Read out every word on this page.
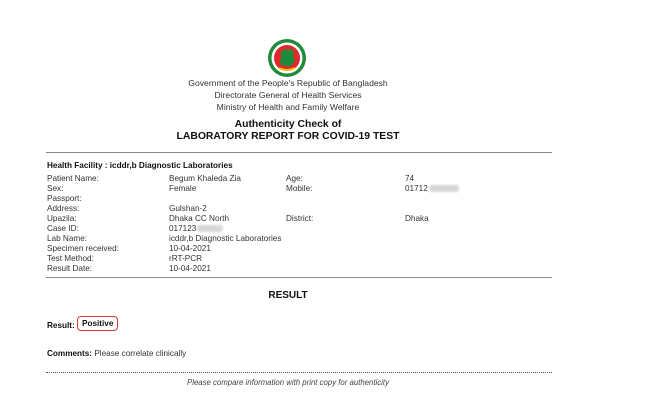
Government of the People's Republic of Bangladesh
Directorate General of Health Services
Ministry of Health and Family Welfare
Authenticity Check of
LABORATORY REPORT FOR COVID-19 TEST
Health Facility : icddr,b Diagnostic Laboratories
Patient Name:	Begum Khaleda Zia	Age:	74
Sex:	Female	Mobile:	01712
Passport:
Address:	Gulshan-2
Upazila:	Dhaka CC North	District:	Dhaka
Case ID:	017123
Lab Name:	icddr,b Diagnostic Laboratories
Specimen received:	10-04-2021
Test Method:	rRT-PCR
Result Date:	10-04-2021
RESULT
Result: Positive
Comments: Please correlate clinically
Please compare information with print copy for authenticity
